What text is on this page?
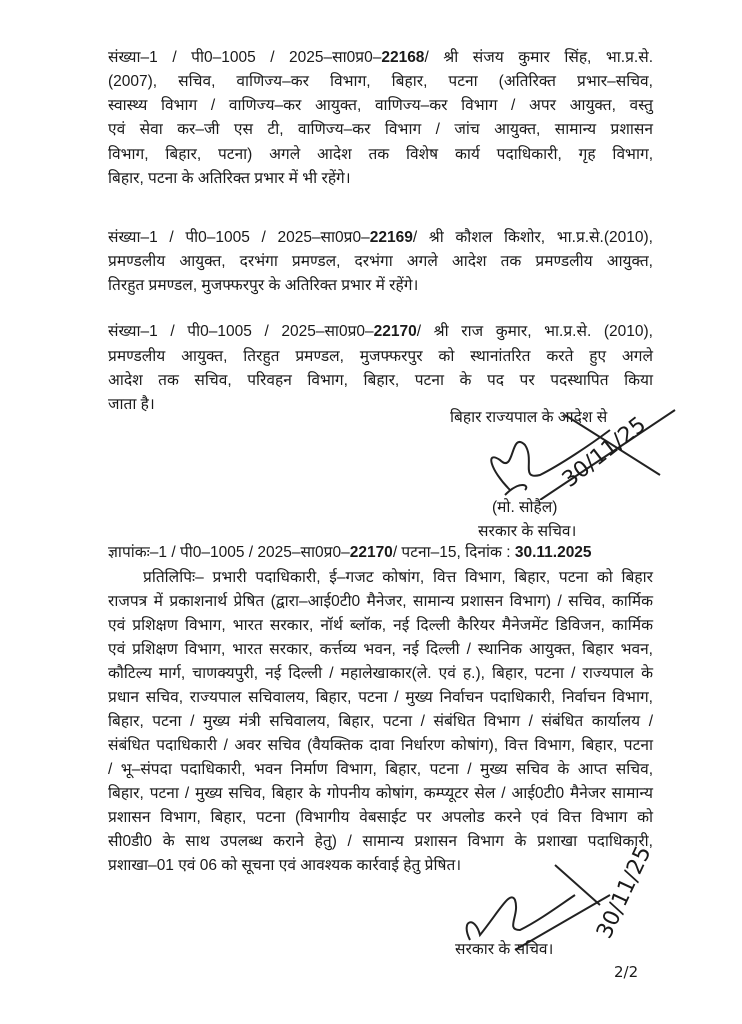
संख्या–1 / पी0–1005 / 2025–सा0प्र0–22168/ श्री संजय कुमार सिंह, भा.प्र.से.
(2007), सचिव, वाणिज्य–कर विभाग, बिहार, पटना (अतिरिक्त प्रभार–सचिव,
स्वास्थ्य विभाग / वाणिज्य–कर आयुक्त, वाणिज्य–कर विभाग / अपर आयुक्त, वस्तु
एवं सेवा कर–जी एस टी, वाणिज्य–कर विभाग / जांच आयुक्त, सामान्य प्रशासन
विभाग, बिहार, पटना) अगले आदेश तक विशेष कार्य पदाधिकारी, गृह विभाग,
बिहार, पटना के अतिरिक्त प्रभार में भी रहेंगे।
संख्या–1 / पी0–1005 / 2025–सा0प्र0–22169/ श्री कौशल किशोर, भा.प्र.से.(2010),
प्रमण्डलीय आयुक्त, दरभंगा प्रमण्डल, दरभंगा अगले आदेश तक प्रमण्डलीय आयुक्त,
तिरहुत प्रमण्डल, मुजफ्फरपुर के अतिरिक्त प्रभार में रहेंगे।
संख्या–1 / पी0–1005 / 2025–सा0प्र0–22170/ श्री राज कुमार, भा.प्र.से. (2010),
प्रमण्डलीय आयुक्त, तिरहुत प्रमण्डल, मुजफ्फरपुर को स्थानांतरित करते हुए अगले
आदेश तक सचिव, परिवहन विभाग, बिहार, पटना के पद पर पदस्थापित किया
जाता है।
बिहार राज्यपाल के आदेश से
30/11/25
(मो. सोहैल)
सरकार के सचिव।
ज्ञापांकः–1 / पी0–1005 / 2025–सा0प्र0–22170/ पटना–15, दिनांक : 30.11.2025
प्रतिलिपिः– प्रभारी पदाधिकारी, ई–गजट कोषांग, वित्त विभाग, बिहार, पटना को बिहार
राजपत्र में प्रकाशनार्थ प्रेषित (द्वारा–आई0टी0 मैनेजर, सामान्य प्रशासन विभाग) / सचिव, कार्मिक
एवं प्रशिक्षण विभाग, भारत सरकार, नॉर्थ ब्लॉक, नई दिल्ली कैरियर मैनेजमेंट डिविजन, कार्मिक
एवं प्रशिक्षण विभाग, भारत सरकार, कर्त्तव्य भवन, नई दिल्ली / स्थानिक आयुक्त, बिहार भवन,
कौटिल्य मार्ग, चाणक्यपुरी, नई दिल्ली / महालेखाकार(ले. एवं ह.), बिहार, पटना / राज्यपाल के
प्रधान सचिव, राज्यपाल सचिवालय, बिहार, पटना / मुख्य निर्वाचन पदाधिकारी, निर्वाचन विभाग,
बिहार, पटना / मुख्य मंत्री सचिवालय, बिहार, पटना / संबंधित विभाग / संबंधित कार्यालय /
संबंधित पदाधिकारी / अवर सचिव (वैयक्तिक दावा निर्धारण कोषांग), वित्त विभाग, बिहार, पटना
/ भू–संपदा पदाधिकारी, भवन निर्माण विभाग, बिहार, पटना / मुख्य सचिव के आप्त सचिव,
बिहार, पटना / मुख्य सचिव, बिहार के गोपनीय कोषांग, कम्प्यूटर सेल / आई0टी0 मैनेजर सामान्य
प्रशासन विभाग, बिहार, पटना (विभागीय वेबसाईट पर अपलोड करने एवं वित्त विभाग को
सी0डी0 के साथ उपलब्ध कराने हेतु) / सामान्य प्रशासन विभाग के प्रशाखा पदाधिकारी,
प्रशाखा–01 एवं 06 को सूचना एवं आवश्यक कार्रवाई हेतु प्रेषित।	30/11/25
सरकार के सचिव।
2/2
